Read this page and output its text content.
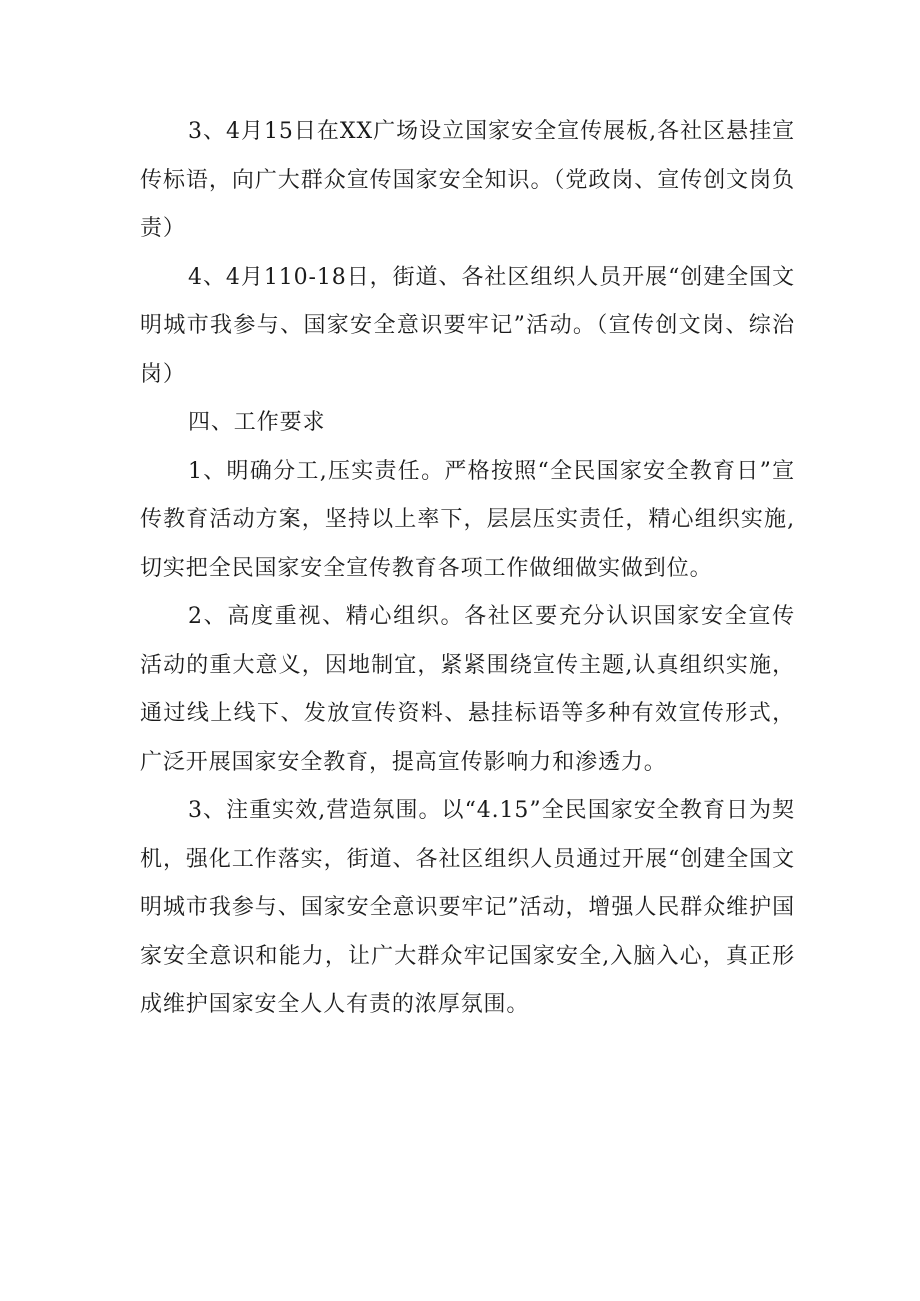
3、4月15日在XX广场设立国家安全宣传展板,各社区悬挂宣传标语，向广大群众宣传国家安全知识。（党政岗、宣传创文岗负责）

4、4月110-18日，街道、各社区组织人员开展“创建全国文明城市我参与、国家安全意识要牢记”活动。（宣传创文岗、综治岗）

四、工作要求

1、明确分工,压实责任。严格按照“全民国家安全教育日”宣传教育活动方案，坚持以上率下，层层压实责任，精心组织实施,切实把全民国家安全宣传教育各项工作做细做实做到位。

2、高度重视、精心组织。各社区要充分认识国家安全宣传活动的重大意义，因地制宜，紧紧围绕宣传主题,认真组织实施，通过线上线下、发放宣传资料、悬挂标语等多种有效宣传形式，广泛开展国家安全教育，提高宣传影响力和渗透力。

3、注重实效,营造氛围。以“4.15”全民国家安全教育日为契机，强化工作落实，街道、各社区组织人员通过开展“创建全国文明城市我参与、国家安全意识要牢记”活动，增强人民群众维护国家安全意识和能力，让广大群众牢记国家安全,入脑入心，真正形成维护国家安全人人有责的浓厚氛围。
